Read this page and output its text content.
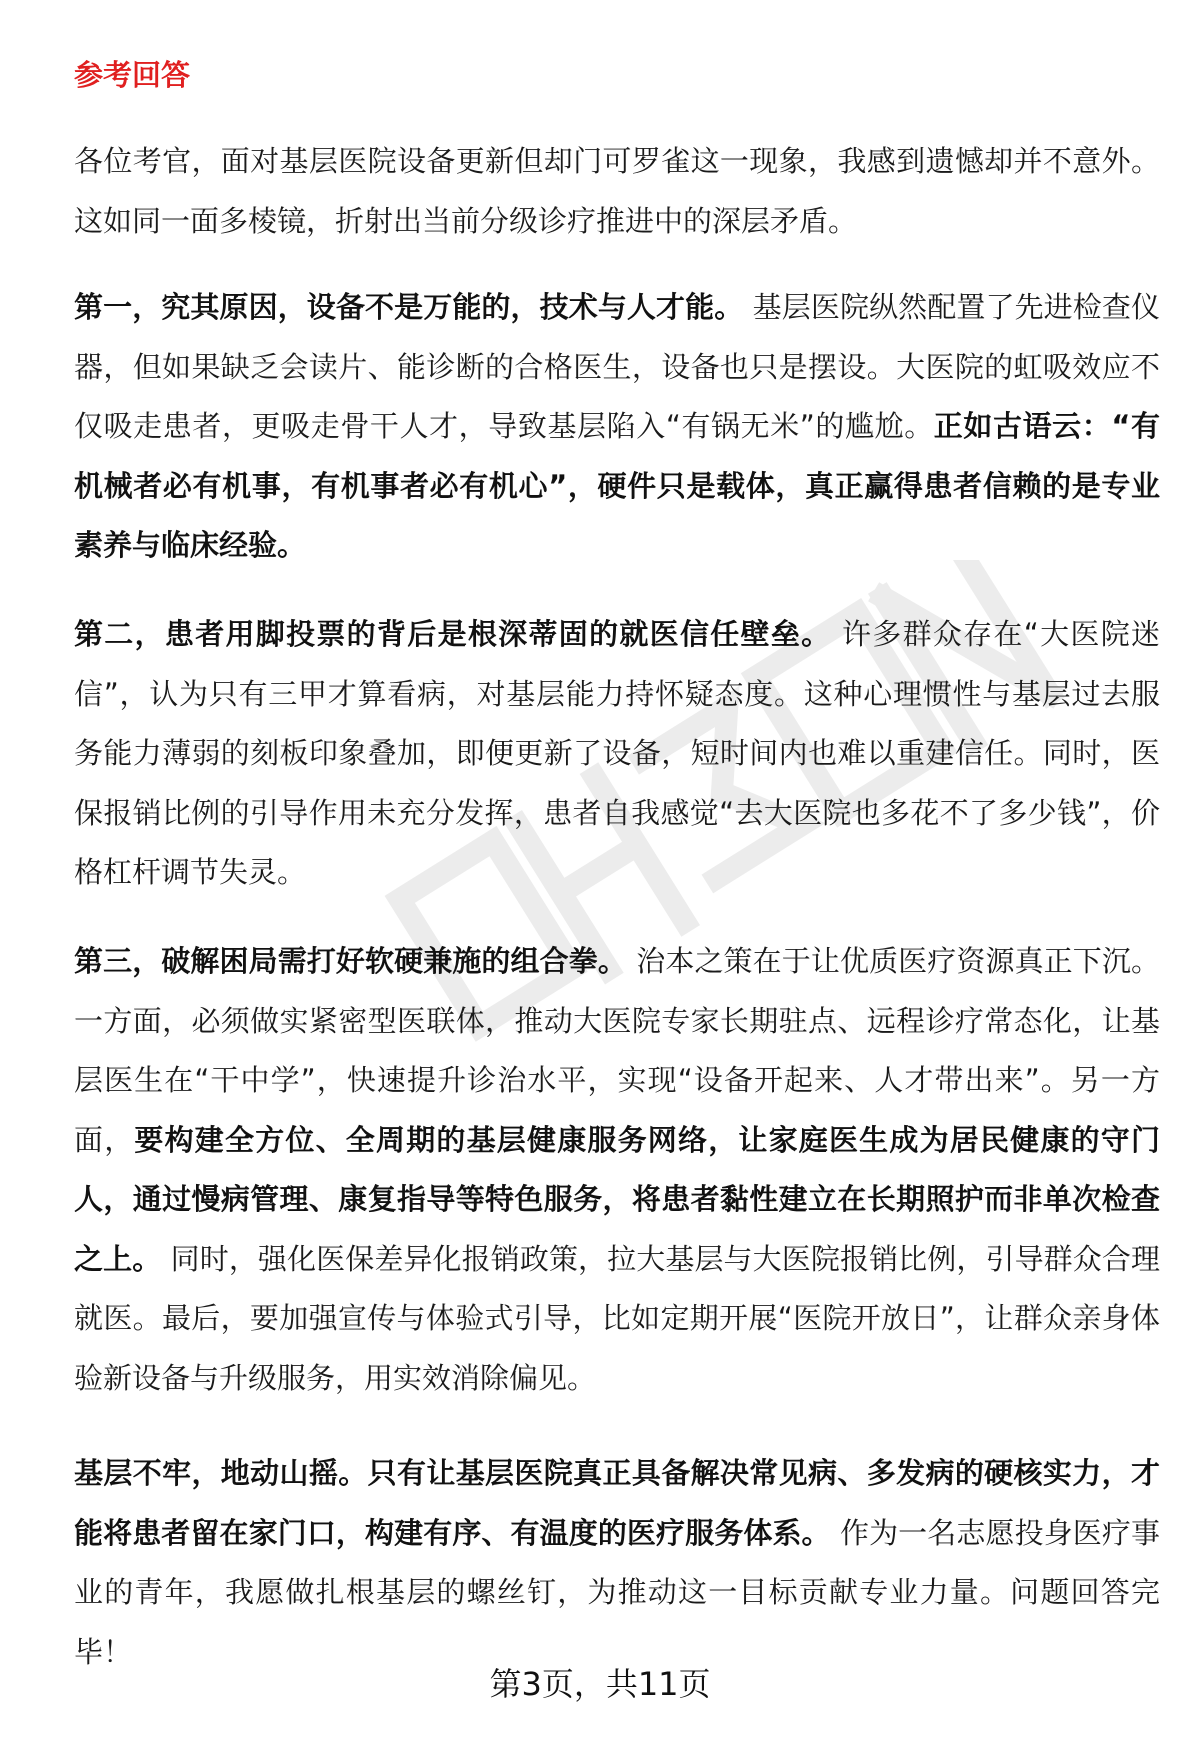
参考回答

各位考官，面对基层医院设备更新但却门可罗雀这一现象，我感到遗憾却并不意外。这如同一面多棱镜，折射出当前分级诊疗推进中的深层矛盾。

第一，究其原因，设备不是万能的，技术与人才能。 基层医院纵然配置了先进检查仪器，但如果缺乏会读片、能诊断的合格医生，设备也只是摆设。大医院的虹吸效应不仅吸走患者，更吸走骨干人才，导致基层陷入“有锅无米”的尴尬。正如古语云：“有机械者必有机事，有机事者必有机心”，硬件只是载体，真正赢得患者信赖的是专业素养与临床经验。

第二，患者用脚投票的背后是根深蒂固的就医信任壁垒。 许多群众存在“大医院迷信”，认为只有三甲才算看病，对基层能力持怀疑态度。这种心理惯性与基层过去服务能力薄弱的刻板印象叠加，即便更新了设备，短时间内也难以重建信任。同时，医保报销比例的引导作用未充分发挥，患者自我感觉“去大医院也多花不了多少钱”，价格杠杆调节失灵。

第三，破解困局需打好软硬兼施的组合拳。 治本之策在于让优质医疗资源真正下沉。一方面，必须做实紧密型医联体，推动大医院专家长期驻点、远程诊疗常态化，让基层医生在“干中学”，快速提升诊治水平，实现“设备开起来、人才带出来”。另一方面，要构建全方位、全周期的基层健康服务网络，让家庭医生成为居民健康的守门人，通过慢病管理、康复指导等特色服务，将患者黏性建立在长期照护而非单次检查之上。 同时，强化医保差异化报销政策，拉大基层与大医院报销比例，引导群众合理就医。最后，要加强宣传与体验式引导，比如定期开展“医院开放日”，让群众亲身体验新设备与升级服务，用实效消除偏见。

基层不牢，地动山摇。只有让基层医院真正具备解决常见病、多发病的硬核实力，才能将患者留在家门口，构建有序、有温度的医疗服务体系。 作为一名志愿投身医疗事业的青年，我愿做扎根基层的螺丝钉，为推动这一目标贡献专业力量。问题回答完毕！

第3页，共11页
